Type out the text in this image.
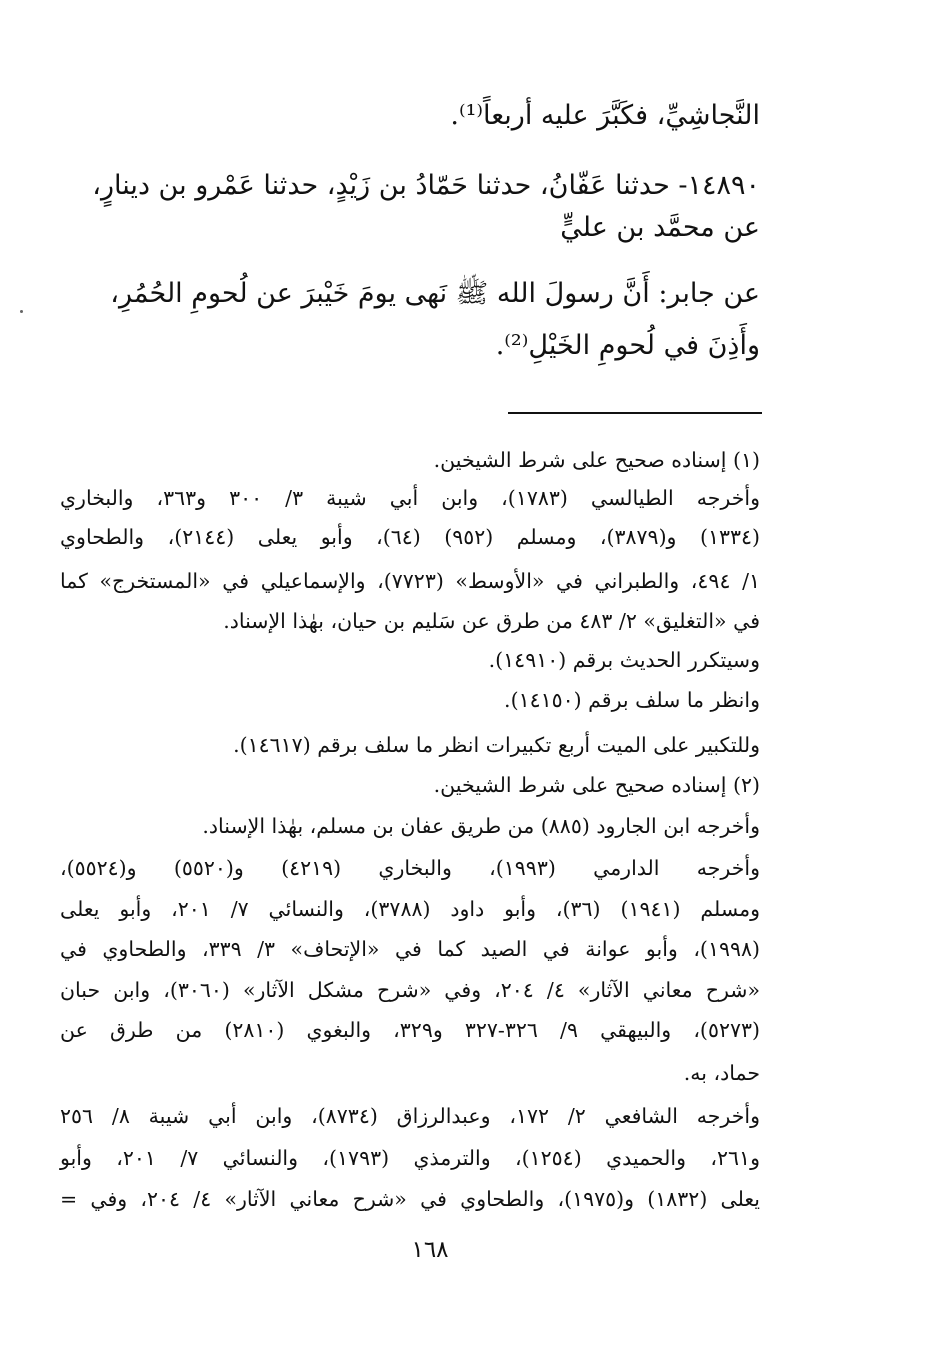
النَّجاشِيِّ، فكَبَّرَ عليه أربعاً⁽¹⁾.

١٤٨٩٠- حدثنا عَفّانُ، حدثنا حَمّادُ بن زَيْدٍ، حدثنا عَمْرو بن دينارٍ،

عن محمَّد بن عليٍّ

عن جابر: أَنَّ رسولَ الله ﷺ نَهى يومَ خَيْبرَ عن لُحومِ الحُمُرِ،

وأَذِنَ في لُحومِ الخَيْلِ⁽²⁾.

(١) إسناده صحيح على شرط الشيخين.

وأخرجه الطيالسي (١٧٨٣)، وابن أبي شيبة ٣/ ٣٠٠ و٣٦٣، والبخاري

(١٣٣٤) و(٣٨٧٩)، ومسلم (٩٥٢) (٦٤)، وأبو يعلى (٢١٤٤)، والطحاوي

١/ ٤٩٤، والطبراني في «الأوسط» (٧٧٢٣)، والإسماعيلي في «المستخرج» كما

في «التغليق» ٢/ ٤٨٣ من طرق عن سَليم بن حيان، بهٰذا الإسناد.

وسيتكرر الحديث برقم (١٤٩١٠).

وانظر ما سلف برقم (١٤١٥٠).

وللتكبير على الميت أربع تكبيرات انظر ما سلف برقم (١٤٦١٧).

(٢) إسناده صحيح على شرط الشيخين.

وأخرجه ابن الجارود (٨٨٥) من طريق عفان بن مسلم، بهٰذا الإسناد.

وأخرجه الدارمي (١٩٩٣)، والبخاري (٤٢١٩) و(٥٥٢٠) و(٥٥٢٤)،

ومسلم (١٩٤١) (٣٦)، وأبو داود (٣٧٨٨)، والنسائي ٧/ ٢٠١، وأبو يعلى

(١٩٩٨)، وأبو عوانة في الصيد كما في «الإتحاف» ٣/ ٣٣٩، والطحاوي في

«شرح معاني الآثار» ٤/ ٢٠٤، وفي «شرح مشكل الآثار» (٣٠٦٠)، وابن حبان

(٥٢٧٣)، والبيهقي ٩/ ٣٢٦-٣٢٧ و٣٢٩، والبغوي (٢٨١٠) من طرق عن

حماد، به.

وأخرجه الشافعي ٢/ ١٧٢، وعبدالرزاق (٨٧٣٤)، وابن أبي شيبة ٨/ ٢٥٦

و٢٦١، والحميدي (١٢٥٤)، والترمذي (١٧٩٣)، والنسائي ٧/ ٢٠١، وأبو

يعلى (١٨٣٢) و(١٩٧٥)، والطحاوي في «شرح معاني الآثار» ٤/ ٢٠٤، وفي =

١٦٨
